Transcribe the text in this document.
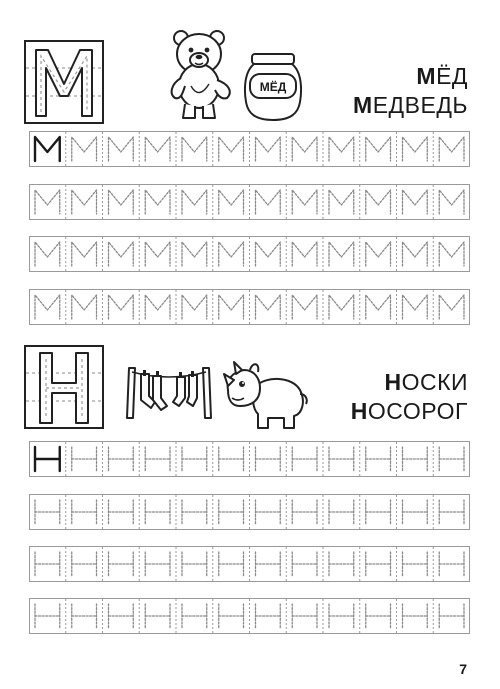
МЁД	МЁД
МЕДВЕДЬ
НОСКИ
НОСОРОГ
7
